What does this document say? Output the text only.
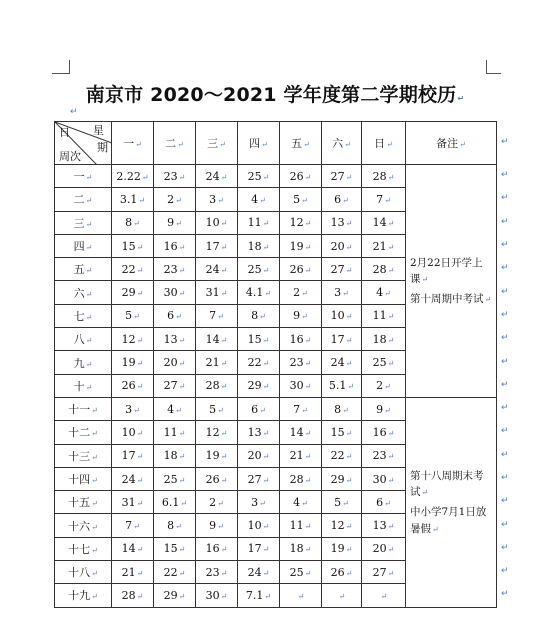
南京市 2020～2021 学年度第二学期校历↵
↵
星
期
日
周次	一↵	二↵	三↵	四↵	五↵	六↵	日↵	备注↵
一↵	2.22↵	23↵	24↵	25↵	26↵	27↵	28↵	2月22日开学上课↵
第十周期中考试↵

二↵	3.1↵	2↵	3↵	4↵	5↵	6↵	7↵	
三↵	8↵	9↵	10↵	11↵	12↵	13↵	14↵	
四↵	15↵	16↵	17↵	18↵	19↵	20↵	21↵	
五↵	22↵	23↵	24↵	25↵	26↵	27↵	28↵	
六↵	29↵	30↵	31↵	4.1↵	2↵	3↵	4↵	
七↵	5↵	6↵	7↵	8↵	9↵	10↵	11↵	
八↵	12↵	13↵	14↵	15↵	16↵	17↵	18↵	
九↵	19↵	20↵	21↵	22↵	23↵	24↵	25↵	
十↵	26↵	27↵	28↵	29↵	30↵	5.1↵	2↵	
十一↵	3↵	4↵	5↵	6↵	7↵	8↵	9↵	第十八周期末考试↵
中小学7月1日放暑假↵

十二↵	10↵	11↵	12↵	13↵	14↵	15↵	16↵	
十三↵	17↵	18↵	19↵	20↵	21↵	22↵	23↵	
十四↵	24↵	25↵	26↵	27↵	28↵	29↵	30↵	
十五↵	31↵	6.1↵	2↵	3↵	4↵	5↵	6↵	
十六↵	7↵	8↵	9↵	10↵	11↵	12↵	13↵	
十七↵	14↵	15↵	16↵	17↵	18↵	19↵	20↵	
十八↵	21↵	22↵	23↵	24↵	25↵	26↵	27↵	
十九↵	28↵	29↵	30↵	7.1↵	↵	↵	↵	
↵
↵
↵
↵
↵
↵
↵
↵
↵
↵
↵
↵
↵
↵
↵
↵
↵
↵
↵
↵
